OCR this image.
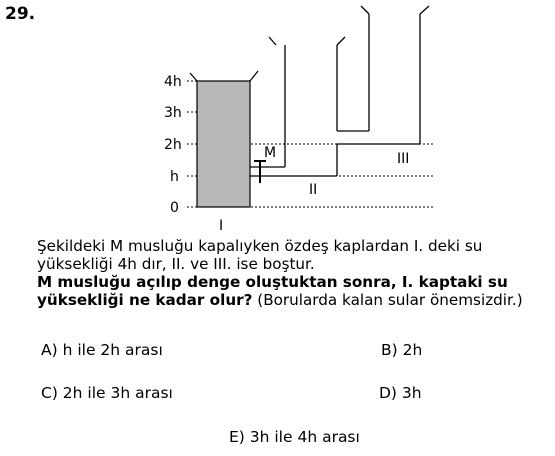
29.
4h
3h
2h
h
0
M
I
II
III

Şekildeki M musluğu kapalıyken özdeş kaplardan I. deki su yüksekliği 4h dır, II. ve III. ise boştur.

M musluğu açılıp denge oluştuktan sonra, I. kaptaki su yüksekliği ne kadar olur? (Borularda kalan sular önemsizdir.)

A) h ile 2h arası	B) 2h
C) 2h ile 3h arası	D) 3h
E) 3h ile 4h arası
